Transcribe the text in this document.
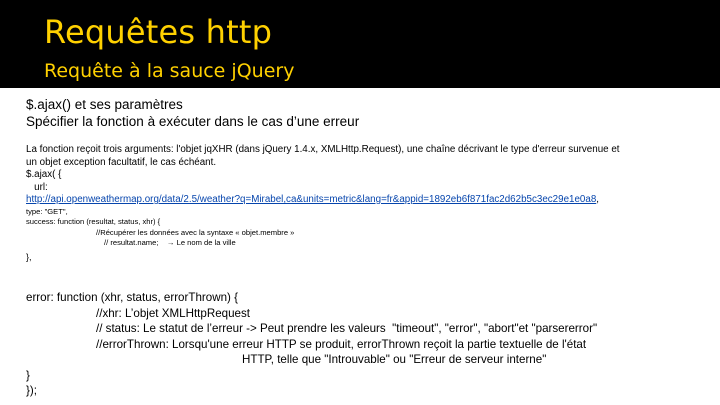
Requêtes http
Requête à la sauce jQuery

$.ajax() et ses paramètres

Spécifier la fonction à exécuter dans le cas d’une erreur

La fonction reçoit trois arguments: l'objet jqXHR (dans jQuery 1.4.x, XMLHttp.Request), une chaîne décrivant le type d'erreur survenue et

un objet exception facultatif, le cas échéant.

$.ajax( {

url:

http://api.openweathermap.org/data/2.5/weather?q=Mirabel,ca&units=metric&lang=fr&appid=1892eb6f871fac2d62b5c3ec29e1e0a8,

type: "GET",

success: function (resultat, status, xhr) {

//Récupérer les données avec la syntaxe « objet.membre »

// resultat.name;    → Le nom de la ville

},

error: function (xhr, status, errorThrown) {

//xhr: L’objet XMLHttpRequest

// status: Le statut de l’erreur -> Peut prendre les valeurs  "timeout", "error", "abort"et "parsererror"

//errorThrown: Lorsqu'une erreur HTTP se produit, errorThrown reçoit la partie textuelle de l'état

HTTP, telle que "Introuvable" ou "Erreur de serveur interne"

}

});
